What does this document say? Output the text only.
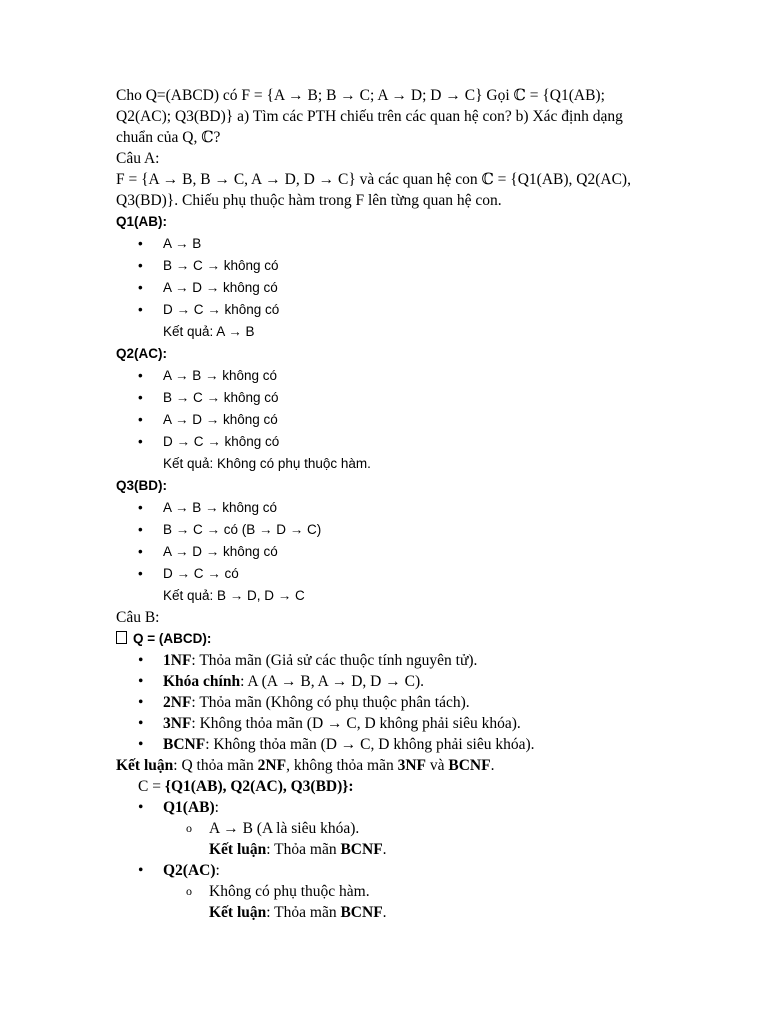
Cho Q=(ABCD) có F = {A → B; B → C; A → D; D → C} Gọi ℂ = {Q1(AB); Q2(AC); Q3(BD)} a) Tìm các PTH chiếu trên các quan hệ con? b) Xác định dạng chuẩn của Q, ℂ?

Câu A:

F = {A → B, B → C, A → D, D → C} và các quan hệ con ℂ = {Q1(AB), Q2(AC), Q3(BD)}. Chiếu phụ thuộc hàm trong F lên từng quan hệ con.

Q1(AB):

• A → B
• B → C → không có
• A → D → không có
• D → C → không có

Kết quả: A → B

Q2(AC):

• A → B → không có
• B → C → không có
• A → D → không có
• D → C → không có

Kết quả: Không có phụ thuộc hàm.

Q3(BD):

• A → B → không có
• B → C → có (B → D → C)
• A → D → không có
• D → C → có

Kết quả: B → D, D → C

Câu B:

Q = (ABCD):

• 1NF: Thỏa mãn (Giả sử các thuộc tính nguyên tử).
• Khóa chính: A (A → B, A → D, D → C).
• 2NF: Thỏa mãn (Không có phụ thuộc phân tách).
• 3NF: Không thỏa mãn (D → C, D không phải siêu khóa).
• BCNF: Không thỏa mãn (D → C, D không phải siêu khóa).

Kết luận: Q thỏa mãn 2NF, không thỏa mãn 3NF và BCNF.

C = {Q1(AB), Q2(AC), Q3(BD)}:

• Q1(AB):
o A → B (A là siêu khóa).

Kết luận: Thỏa mãn BCNF.

• Q2(AC):
o Không có phụ thuộc hàm.

Kết luận: Thỏa mãn BCNF.
